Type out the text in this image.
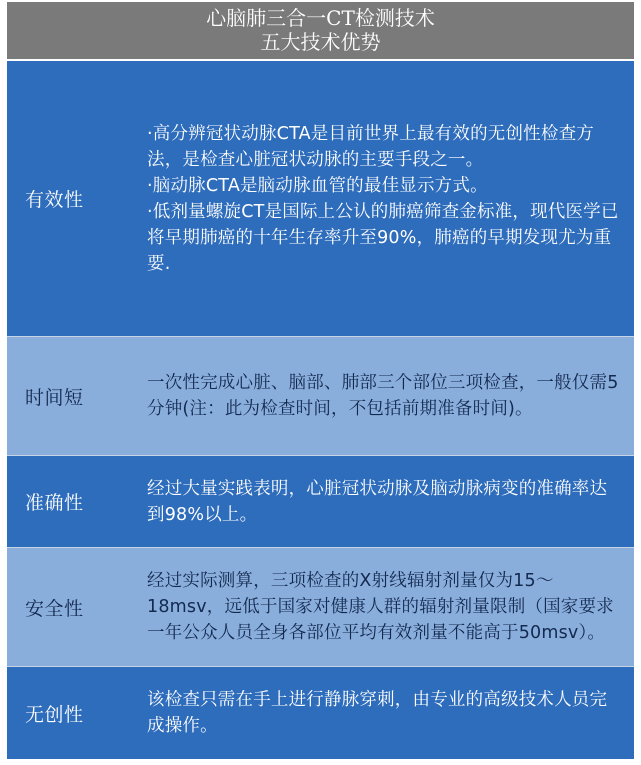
心脑肺三合一CT检测技术
五大技术优势
有效性

·高分辨冠状动脉CTA是目前世界上最有效的无创性检查方法，是检查心脏冠状动脉的主要手段之一。

·脑动脉CTA是脑动脉血管的最佳显示方式。

·低剂量螺旋CT是国际上公认的肺癌筛查金标准，现代医学已将早期肺癌的十年生存率升至90%，肺癌的早期发现尤为重要.

时间短

一次性完成心脏、脑部、肺部三个部位三项检查，一般仅需5分钟(注：此为检查时间，不包括前期准备时间)。

准确性

经过大量实践表明，心脏冠状动脉及脑动脉病变的准确率达到98%以上。

安全性

经过实际测算，三项检查的X射线辐射剂量仅为15～18msv，远低于国家对健康人群的辐射剂量限制（国家要求一年公众人员全身各部位平均有效剂量不能高于50msv）。

无创性

该检查只需在手上进行静脉穿刺，由专业的高级技术人员完成操作。
